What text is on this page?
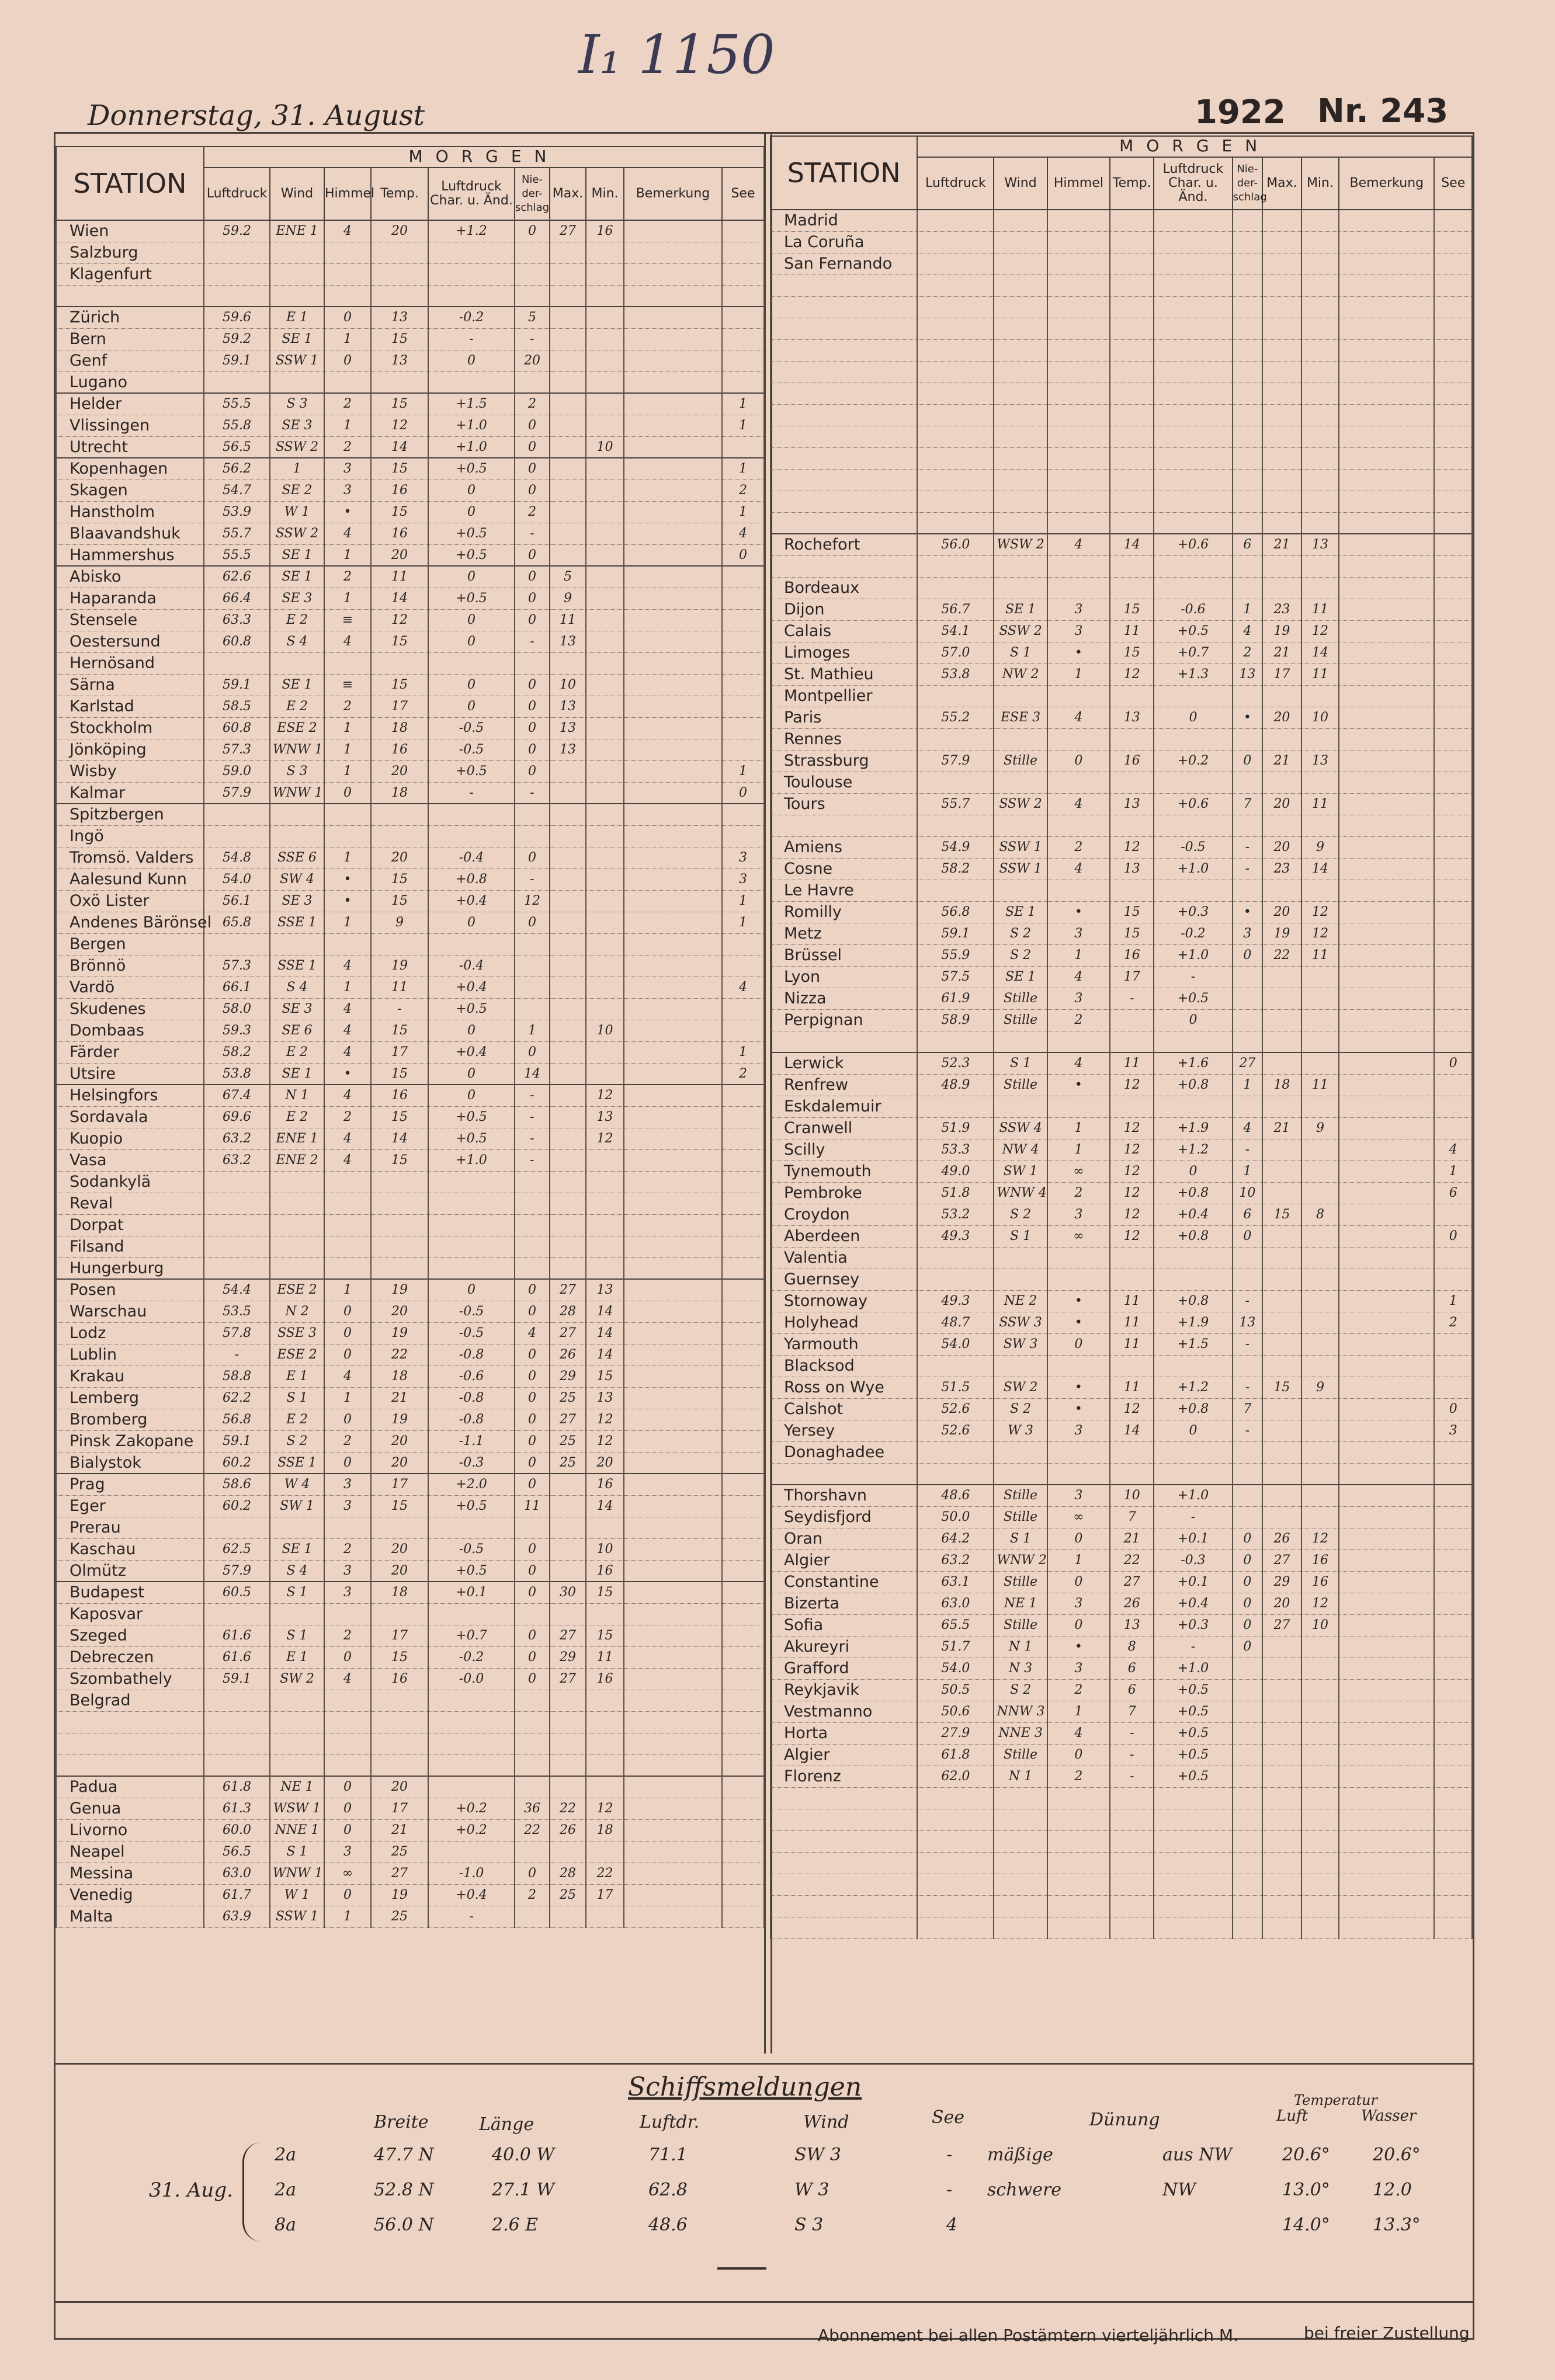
I₁ 1150
Donnerstag, 31. August	1922 Nr. 243
STATION	MORGEN									
	Luftdruck	Wind	Himmel	Temp.	Luftdruck Char. u. Änd.	Nie-der-schlag	Max.	Min.	Bemerkung	See
Wien	59.2	ENE 1	4	20	+1.2	0	27	16		
Salzburg										
Klagenfurt										

Zürich	59.6	E 1	0	13	-0.2	5				
Bern	59.2	SE 1	1	15	-	-				
Genf	59.1	SSW 1	0	13	0	20				
Lugano										
Helder	55.5	S 3	2	15	+1.5	2				1
Vlissingen	55.8	SE 3	1	12	+1.0	0				1
Utrecht	56.5	SSW 2	2	14	+1.0	0		10		
Kopenhagen	56.2	1	3	15	+0.5	0				1
Skagen	54.7	SE 2	3	16	0	0				2
Hanstholm	53.9	W 1	•	15	0	2				1
Blaavandshuk	55.7	SSW 2	4	16	+0.5	-				4
Hammershus	55.5	SE 1	1	20	+0.5	0				0
Abisko	62.6	SE 1	2	11	0	0	5			
Haparanda	66.4	SE 3	1	14	+0.5	0	9			
Stensele	63.3	E 2	≡	12	0	0	11			
Oestersund	60.8	S 4	4	15	0	-	13			
Hernösand										
Särna	59.1	SE 1	≡	15	0	0	10			
Karlstad	58.5	E 2	2	17	0	0	13			
Stockholm	60.8	ESE 2	1	18	-0.5	0	13			
Jönköping	57.3	WNW 1	1	16	-0.5	0	13			
Wisby	59.0	S 3	1	20	+0.5	0				1
Kalmar	57.9	WNW 1	0	18	-	-				0
Spitzbergen										
Ingö										
Tromsö. Valders	54.8	SSE 6	1	20	-0.4	0				3
Aalesund Kunn	54.0	SW 4	•	15	+0.8	-				3
Oxö Lister	56.1	SE 3	•	15	+0.4	12				1
Andenes Bärönsel	65.8	SSE 1	1	9	0	0				1
Bergen										
Brönnö	57.3	SSE 1	4	19	-0.4					
Vardö	66.1	S 4	1	11	+0.4					4
Skudenes	58.0	SE 3	4	-	+0.5					
Dombaas	59.3	SE 6	4	15	0	1		10		
Färder	58.2	E 2	4	17	+0.4	0				1
Utsire	53.8	SE 1	•	15	0	14				2
Helsingfors	67.4	N 1	4	16	0	-		12		
Sordavala	69.6	E 2	2	15	+0.5	-		13		
Kuopio	63.2	ENE 1	4	14	+0.5	-		12		
Vasa	63.2	ENE 2	4	15	+1.0	-				
Sodankylä										
Reval										
Dorpat										
Filsand										
Hungerburg										
Posen	54.4	ESE 2	1	19	0	0	27	13		
Warschau	53.5	N 2	0	20	-0.5	0	28	14		
Lodz	57.8	SSE 3	0	19	-0.5	4	27	14		
Lublin	-	ESE 2	0	22	-0.8	0	26	14		
Krakau	58.8	E 1	4	18	-0.6	0	29	15		
Lemberg	62.2	S 1	1	21	-0.8	0	25	13		
Bromberg	56.8	E 2	0	19	-0.8	0	27	12		
Pinsk Zakopane	59.1	S 2	2	20	-1.1	0	25	12		
Bialystok	60.2	SSE 1	0	20	-0.3	0	25	20		
Prag	58.6	W 4	3	17	+2.0	0		16		
Eger	60.2	SW 1	3	15	+0.5	11		14		
Prerau										
Kaschau	62.5	SE 1	2	20	-0.5	0		10		
Olmütz	57.9	S 4	3	20	+0.5	0		16		
Budapest	60.5	S 1	3	18	+0.1	0	30	15		
Kaposvar										
Szeged	61.6	S 1	2	17	+0.7	0	27	15		
Debreczen	61.6	E 1	0	15	-0.2	0	29	11		
Szombathely	59.1	SW 2	4	16	-0.0	0	27	16		
Belgrad										

Padua	61.8	NE 1	0	20						
Genua	61.3	WSW 1	0	17	+0.2	36	22	12		
Livorno	60.0	NNE 1	0	21	+0.2	22	26	18		
Neapel	56.5	S 1	3	25						
Messina	63.0	WNW 1	∞	27	-1.0	0	28	22		
Venedig	61.7	W 1	0	19	+0.4	2	25	17		
Malta	63.9	SSW 1	1	25	-					
STATION	MORGEN									
	Luftdruck	Wind	Himmel	Temp.	Luftdruck Char. u. Änd.	Nie-der-schlag	Max.	Min.	Bemerkung	See
Madrid										
La Coruña										
San Fernando										

Rochefort	56.0	WSW 2	4	14	+0.6	6	21	13		

Bordeaux										
Dijon	56.7	SE 1	3	15	-0.6	1	23	11		
Calais	54.1	SSW 2	3	11	+0.5	4	19	12		
Limoges	57.0	S 1	•	15	+0.7	2	21	14		
St. Mathieu	53.8	NW 2	1	12	+1.3	13	17	11		
Montpellier										
Paris	55.2	ESE 3	4	13	0	•	20	10		
Rennes										
Strassburg	57.9	Stille	0	16	+0.2	0	21	13		
Toulouse										
Tours	55.7	SSW 2	4	13	+0.6	7	20	11		

Amiens	54.9	SSW 1	2	12	-0.5	-	20	9		
Cosne	58.2	SSW 1	4	13	+1.0	-	23	14		
Le Havre										
Romilly	56.8	SE 1	•	15	+0.3	•	20	12		
Metz	59.1	S 2	3	15	-0.2	3	19	12		
Brüssel	55.9	S 2	1	16	+1.0	0	22	11		
Lyon	57.5	SE 1	4	17	-					
Nizza	61.9	Stille	3	-	+0.5					
Perpignan	58.9	Stille	2		0					

Lerwick	52.3	S 1	4	11	+1.6	27				0
Renfrew	48.9	Stille	•	12	+0.8	1	18	11		
Eskdalemuir										
Cranwell	51.9	SSW 4	1	12	+1.9	4	21	9		
Scilly	53.3	NW 4	1	12	+1.2	-				4
Tynemouth	49.0	SW 1	∞	12	0	1				1
Pembroke	51.8	WNW 4	2	12	+0.8	10				6
Croydon	53.2	S 2	3	12	+0.4	6	15	8		
Aberdeen	49.3	S 1	∞	12	+0.8	0				0
Valentia										
Guernsey										
Stornoway	49.3	NE 2	•	11	+0.8	-				1
Holyhead	48.7	SSW 3	•	11	+1.9	13				2
Yarmouth	54.0	SW 3	0	11	+1.5	-				
Blacksod										
Ross on Wye	51.5	SW 2	•	11	+1.2	-	15	9		
Calshot	52.6	S 2	•	12	+0.8	7				0
Yersey	52.6	W 3	3	14	0	-				3
Donaghadee										

Thorshavn	48.6	Stille	3	10	+1.0					
Seydisfjord	50.0	Stille	∞	7	-					
Oran	64.2	S 1	0	21	+0.1	0	26	12		
Algier	63.2	WNW 2	1	22	-0.3	0	27	16		
Constantine	63.1	Stille	0	27	+0.1	0	29	16		
Bizerta	63.0	NE 1	3	26	+0.4	0	20	12		
Sofia	65.5	Stille	0	13	+0.3	0	27	10		
Akureyri	51.7	N 1	•	8	-	0				
Grafford	54.0	N 3	3	6	+1.0					
Reykjavik	50.5	S 2	2	6	+0.5					
Vestmanno	50.6	NNW 3	1	7	+0.5					
Horta	27.9	NNE 3	4	-	+0.5					
Algier	61.8	Stille	0	-	+0.5					
Florenz	62.0	N 1	2	-	+0.5					

Schiffsmeldungen
Breite	Länge	Luftdr.	Wind	See	Dünung
Temperatur
Luft	Wasser
31. Aug.
2a	47.7 N	40.0 W	71.1	SW 3	- mäßige	aus NW	20.6° 20.6°
2a	52.8 N	27.1 W	62.8	W 3	- schwere	NW	13.0° 12.0
8a	56.0 N	2.6 E	48.6	S 3	4	14.0° 13.3°
Abonnement bei allen Postämtern vierteljährlich M.	bei freier Zustellung
